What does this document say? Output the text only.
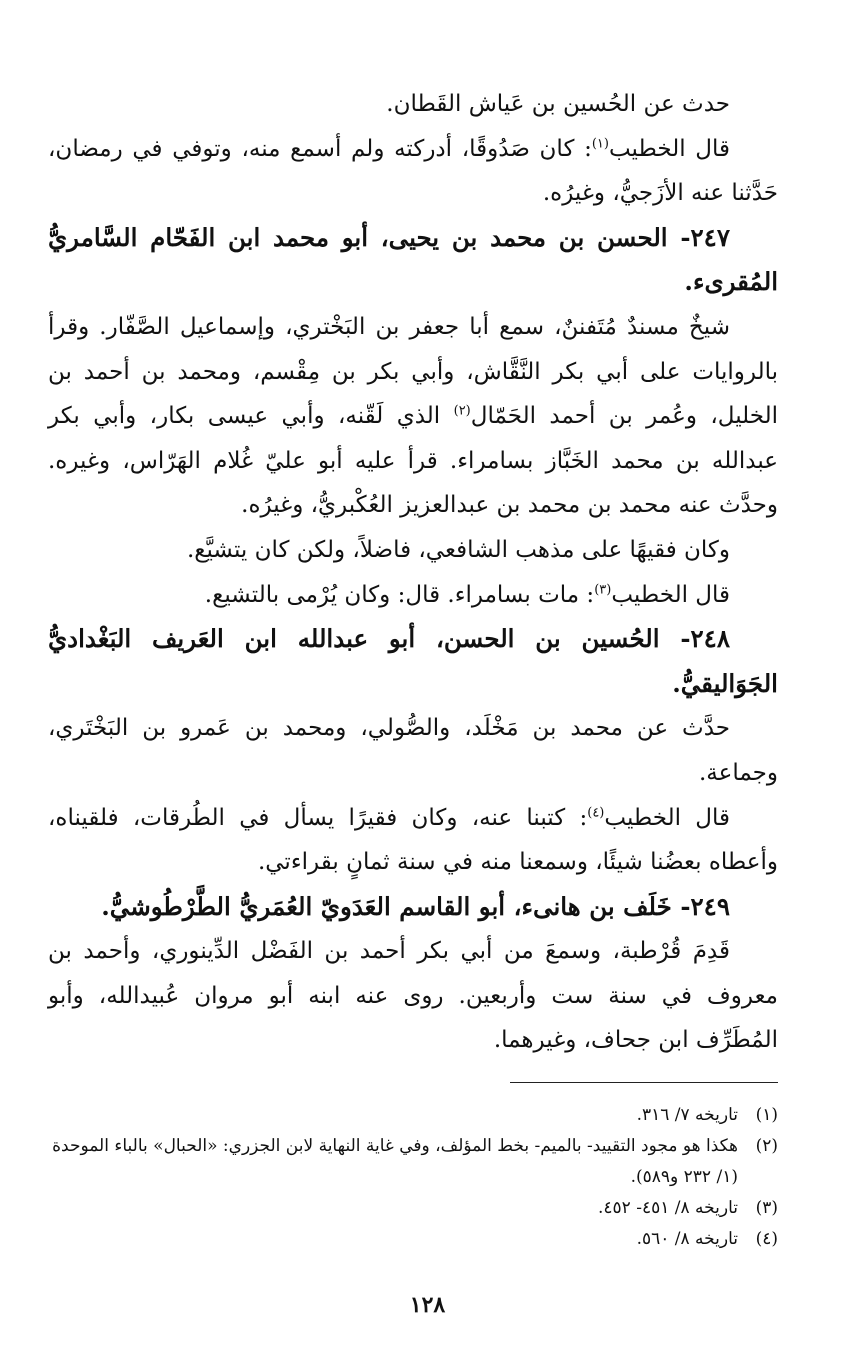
حدث عن الحُسين بن عَياش القَطان.

قال الخطيب$^{(١)}$: كان صَدُوقًا، أدركته ولم أسمع منه، وتوفي في رمضان، حَدَّثنا عنه الأزَجيُّ، وغيرُه.

٢٤٧- الحسن بن محمد بن يحيى، أبو محمد ابن الفَحّام السَّامريُّ المُقرىء.

شيخٌ مسندٌ مُتَفننٌ، سمع أبا جعفر بن البَخْتري، وإسماعيل الصَّفّار. وقرأ بالروايات على أبي بكر النَّقَّاش، وأبي بكر بن مِقْسم، ومحمد بن أحمد بن الخليل، وعُمر بن أحمد الحَمّال$^{(٢)}$ الذي لَقّنه، وأبي عيسى بكار، وأبي بكر عبدالله بن محمد الخَبَّاز بسامراء. قرأ عليه أبو عليّ غُلام الهَرّاس، وغيره. وحدَّث عنه محمد بن محمد بن عبدالعزيز العُكْبريُّ، وغيرُه.

وكان فقيهًا على مذهب الشافعي، فاضلاً، ولكن كان يتشيَّع.

قال الخطيب$^{(٣)}$: مات بسامراء. قال: وكان يُرْمى بالتشيع.

٢٤٨- الحُسين بن الحسن، أبو عبدالله ابن العَريف البَغْداديُّ الجَوَاليقيُّ.

حدَّث عن محمد بن مَخْلَد، والصُّولي، ومحمد بن عَمرو بن البَخْتَري، وجماعة.

قال الخطيب$^{(٤)}$: كتبنا عنه، وكان فقيرًا يسأل في الطُرقات، فلقيناه، وأعطاه بعضُنا شيئًا، وسمعنا منه في سنة ثمانٍ بقراءتي.

٢٤٩- خَلَف بن هانىء، أبو القاسم العَدَويّ العُمَريُّ الطَّرْطُوشيُّ.

قَدِمَ قُرْطبة، وسمعَ من أبي بكر أحمد بن الفَضْل الدِّينوري، وأحمد بن معروف في سنة ست وأربعين. روى عنه ابنه أبو مروان عُبيدالله، وأبو المُطَرِّف ابن جحاف، وغيرهما.

(١)
تاريخه ٧/ ٣١٦.
(٢)
هكذا هو مجود التقييد- بالميم- بخط المؤلف، وفي غاية النهاية لابن الجزري: «الحبال» بالباء الموحدة (١/ ٢٣٢ و٥٨٩).
(٣)
تاريخه ٨/ ٤٥١- ٤٥٢.
(٤)
تاريخه ٨/ ٥٦٠.
١٢٨
